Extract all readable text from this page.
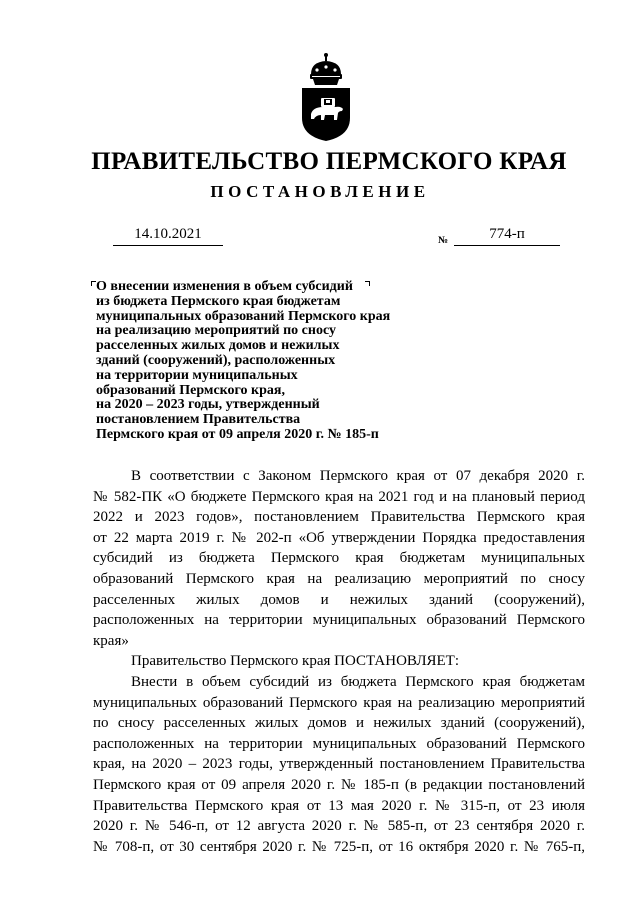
ПРАВИТЕЛЬСТВО ПЕРМСКОГО КРАЯ
ПОСТАНОВЛЕНИЕ
14.10.2021	№	774-п
О внесении изменения в объем субсидий
из бюджета Пермского края бюджетам
муниципальных образований Пермского края
на реализацию мероприятий по сносу
расселенных жилых домов и нежилых
зданий (сооружений), расположенных
на территории муниципальных
образований Пермского края,
на 2020 – 2023 годы, утвержденный
постановлением Правительства
Пермского края от 09 апреля 2020 г. № 185-п
В соответствии с Законом Пермского края от 07 декабря 2020 г.
№ 582-ПК «О бюджете Пермского края на 2021 год и на плановый период
2022 и 2023 годов», постановлением Правительства Пермского края
от 22 марта 2019 г. № 202-п «Об утверждении Порядка предоставления
субсидий из бюджета Пермского края бюджетам муниципальных
образований Пермского края на реализацию мероприятий по сносу
расселенных жилых домов и нежилых зданий (сооружений),
расположенных на территории муниципальных образований Пермского
края»
Правительство Пермского края ПОСТАНОВЛЯЕТ:
Внести в объем субсидий из бюджета Пермского края бюджетам
муниципальных образований Пермского края на реализацию мероприятий
по сносу расселенных жилых домов и нежилых зданий (сооружений),
расположенных на территории муниципальных образований Пермского
края, на 2020 – 2023 годы, утвержденный постановлением Правительства
Пермского края от 09 апреля 2020 г. № 185-п (в редакции постановлений
Правительства Пермского края от 13 мая 2020 г. № 315-п, от 23 июля
2020 г. № 546-п, от 12 августа 2020 г. № 585-п, от 23 сентября 2020 г.
№ 708-п, от 30 сентября 2020 г. № 725-п, от 16 октября 2020 г. № 765-п,
